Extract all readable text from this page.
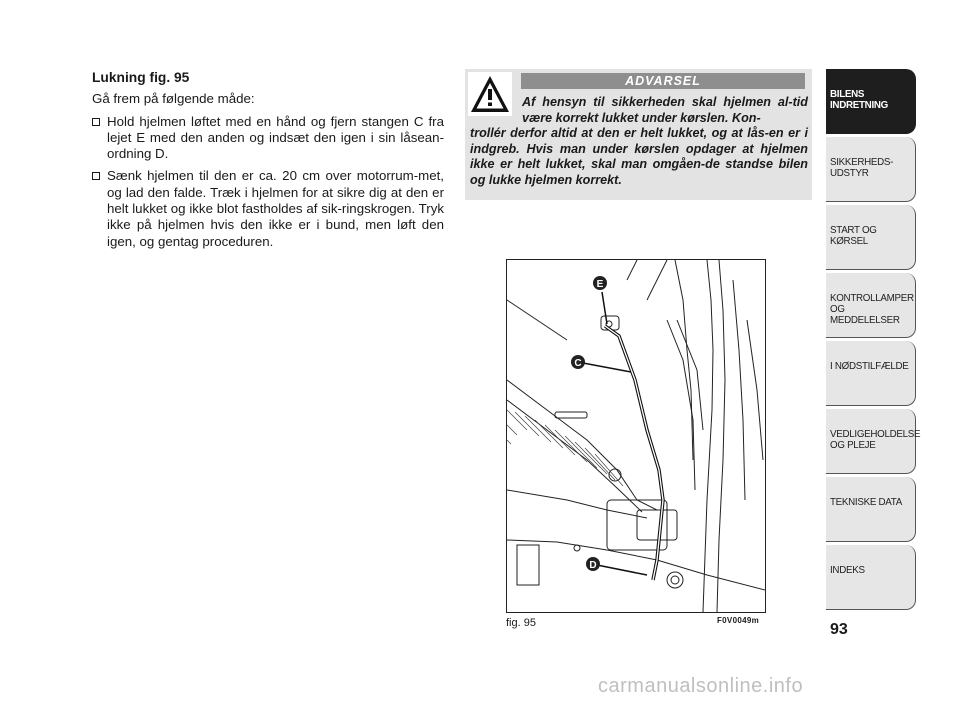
Lukning fig. 95

Gå frem på følgende måde:

Hold hjelmen løftet med en hånd og fjern stangen C fra lejet E med den anden og indsæt den igen i sin låsean-ordning D.
Sænk hjelmen til den er ca. 20 cm over motorrum-met, og lad den falde. Træk i hjelmen for at sikre dig at den er helt lukket og ikke blot fastholdes af sik-ringskrogen. Tryk ikke på hjelmen hvis den ikke er i bund, men løft den igen, og gentag proceduren.
ADVARSEL
Af hensyn til sikkerheden skal hjelmen al-tid være korrekt lukket under kørslen. Kon-
trollér derfor altid at den er helt lukket, og at lås-en er i indgreb. Hvis man under kørslen opdager at hjelmen ikke er helt lukket, skal man omgåen-de standse bilen og lukke hjelmen korrekt.
E
C
D
fig. 95	F0V0049m
BILENS INDRETNING
SIKKERHEDS-UDSTYR
START OG KØRSEL
KONTROLLAMPER OG MEDDELELSER
I NØDSTILFÆLDE
VEDLIGEHOLDELSE OG PLEJE
TEKNISKE DATA
INDEKS
93
carmanualsonline.info
